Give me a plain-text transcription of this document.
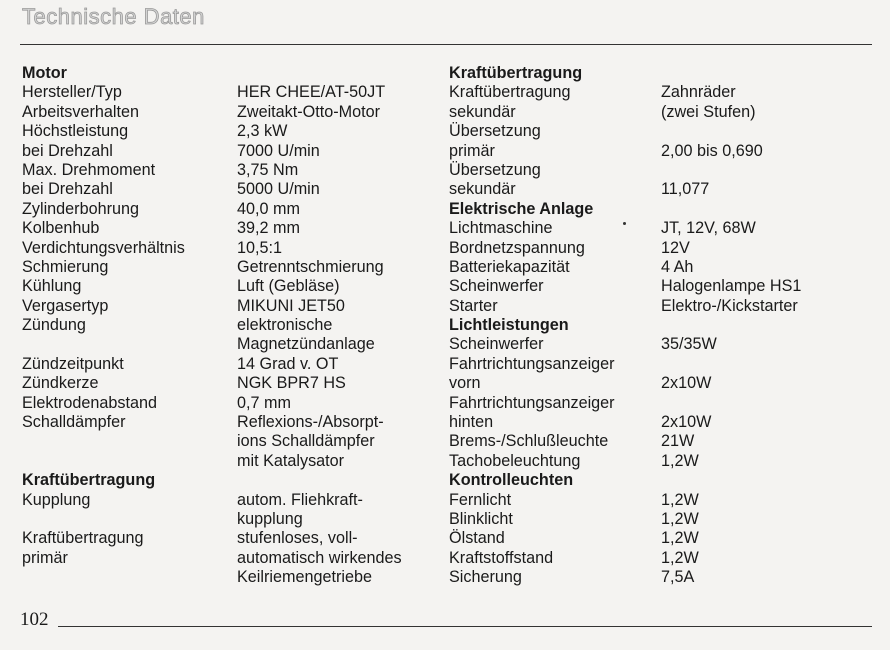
Technische Daten
Motor
Hersteller/Typ
Arbeitsverhalten
Höchstleistung
bei Drehzahl
Max. Drehmoment
bei Drehzahl
Zylinderbohrung
Kolbenhub
Verdichtungsverhältnis
Schmierung
Kühlung
Vergasertyp
Zündung
Zündzeitpunkt
Zündkerze
Elektrodenabstand
Schalldämpfer
Kraftübertragung
Kupplung
Kraftübertragung
primär
HER CHEE/AT-50JT
Zweitakt-Otto-Motor
2,3 kW
7000 U/min
3,75 Nm
5000 U/min
40,0 mm
39,2 mm
10,5:1
Getrenntschmierung
Luft (Gebläse)
MIKUNI JET50
elektronische
Magnetzündanlage
14 Grad v. OT
NGK BPR7 HS
0,7 mm
Reflexions-/Absorpt-
ions Schalldämpfer
mit Katalysator
autom. Fliehkraft-
kupplung
stufenloses, voll-
automatisch wirkendes
Keilriemengetriebe
Kraftübertragung
Kraftübertragung
sekundär
Übersetzung
primär
Übersetzung
sekundär
Elektrische Anlage
Lichtmaschine
Bordnetzspannung
Batteriekapazität
Scheinwerfer
Starter
Lichtleistungen
Scheinwerfer
Fahrtrichtungsanzeiger
vorn
Fahrtrichtungsanzeiger
hinten
Brems-/Schlußleuchte
Tachobeleuchtung
Kontrolleuchten
Fernlicht
Blinklicht
Ölstand
Kraftstoffstand
Sicherung
Zahnräder
(zwei Stufen)
2,00 bis 0,690
11,077
JT, 12V, 68W
12V
4 Ah
Halogenlampe HS1
Elektro-/Kickstarter
35/35W
2x10W
2x10W
21W
1,2W
1,2W
1,2W
1,2W
1,2W
7,5A
102
